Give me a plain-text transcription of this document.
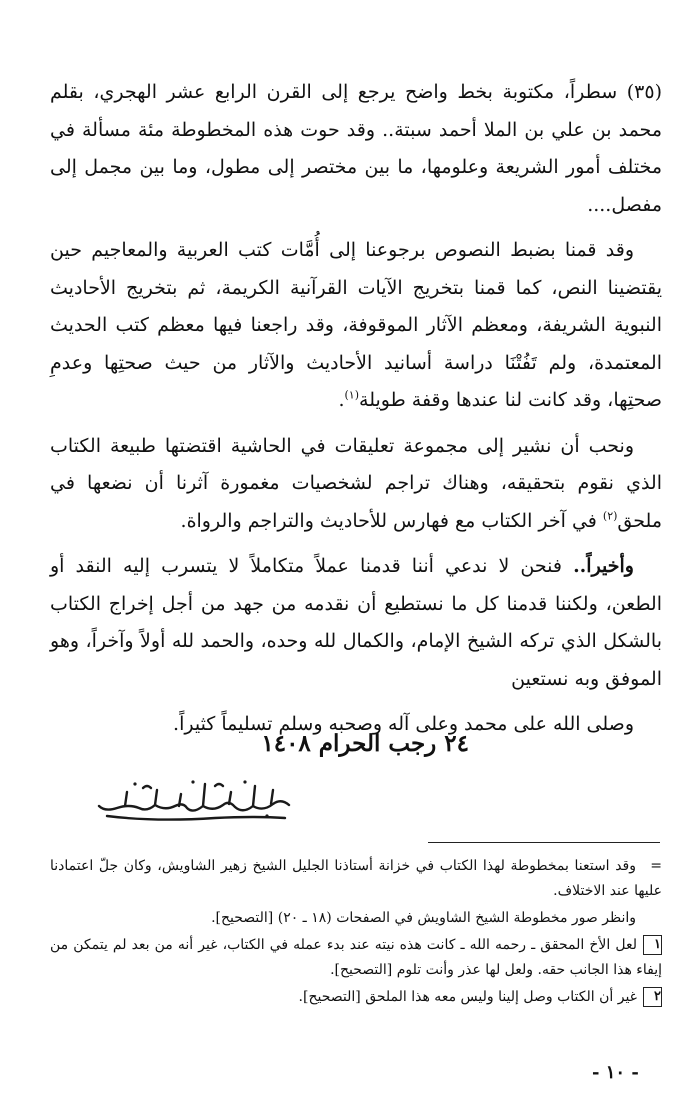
(٣٥) سطراً، مكتوبة بخط واضح يرجع إلى القرن الرابع عشر الهجري، بقلم محمد بن علي بن الملا أحمد سبتة.. وقد حوت هذه المخطوطة مئة مسألة في مختلف أمور الشريعة وعلومها، ما بين مختصر إلى مطول، وما بين مجمل إلى مفصل....

وقد قمنا بضبط النصوص برجوعنا إلى أُمَّات كتب العربية والمعاجيم حين يقتضينا النص، كما قمنا بتخريج الآيات القرآنية الكريمة، ثم بتخريج الأحاديث النبوية الشريفة، ومعظم الآثار الموقوفة، وقد راجعنا فيها معظم كتب الحديث المعتمدة، ولم تَفُتْنَا دراسة أسانيد الأحاديث والآثار من حيث صحتِها وعدمِ صحتِها، وقد كانت لنا عندها وقفة طويلة$^{(١)}$.

ونحب أن نشير إلى مجموعة تعليقات في الحاشية اقتضتها طبيعة الكتاب الذي نقوم بتحقيقه، وهناك تراجم لشخصيات مغمورة آثرنا أن نضعها في ملحق$^{(٢)}$ في آخر الكتاب مع فهارس للأحاديث والتراجم والرواة.

وأخيراً.. فنحن لا ندعي أننا قدمنا عملاً متكاملاً لا يتسرب إليه النقد أو الطعن، ولكننا قدمنا كل ما نستطيع أن نقدمه من جهد من أجل إخراج الكتاب بالشكل الذي تركه الشيخ الإمام، والكمال لله وحده، والحمد لله أولاً وآخراً، وهو الموفق وبه نستعين

وصلى الله على محمد وعلى آله وصحبه وسلم تسليماً كثيراً.

٢٤ رجب الحرام ١٤٠٨

=وقد استعنا بمخطوطة لهذا الكتاب في خزانة أستاذنا الجليل الشيخ زهير الشاويش، وكان جلّ اعتمادنا عليها عند الاختلاف.

وانظر صور مخطوطة الشيخ الشاويش في الصفحات (١٨ ـ ٢٠) [التصحيح].

١لعل الأخ المحقق ـ رحمه الله ـ كانت هذه نيته عند بدء عمله في الكتاب، غير أنه من بعد لم يتمكن من إيفاء هذا الجانب حقه. ولعل لها عذر وأنت تلوم [التصحيح].

٢غير أن الكتاب وصل إلينا وليس معه هذا الملحق [التصحيح].

- ١٠ -
